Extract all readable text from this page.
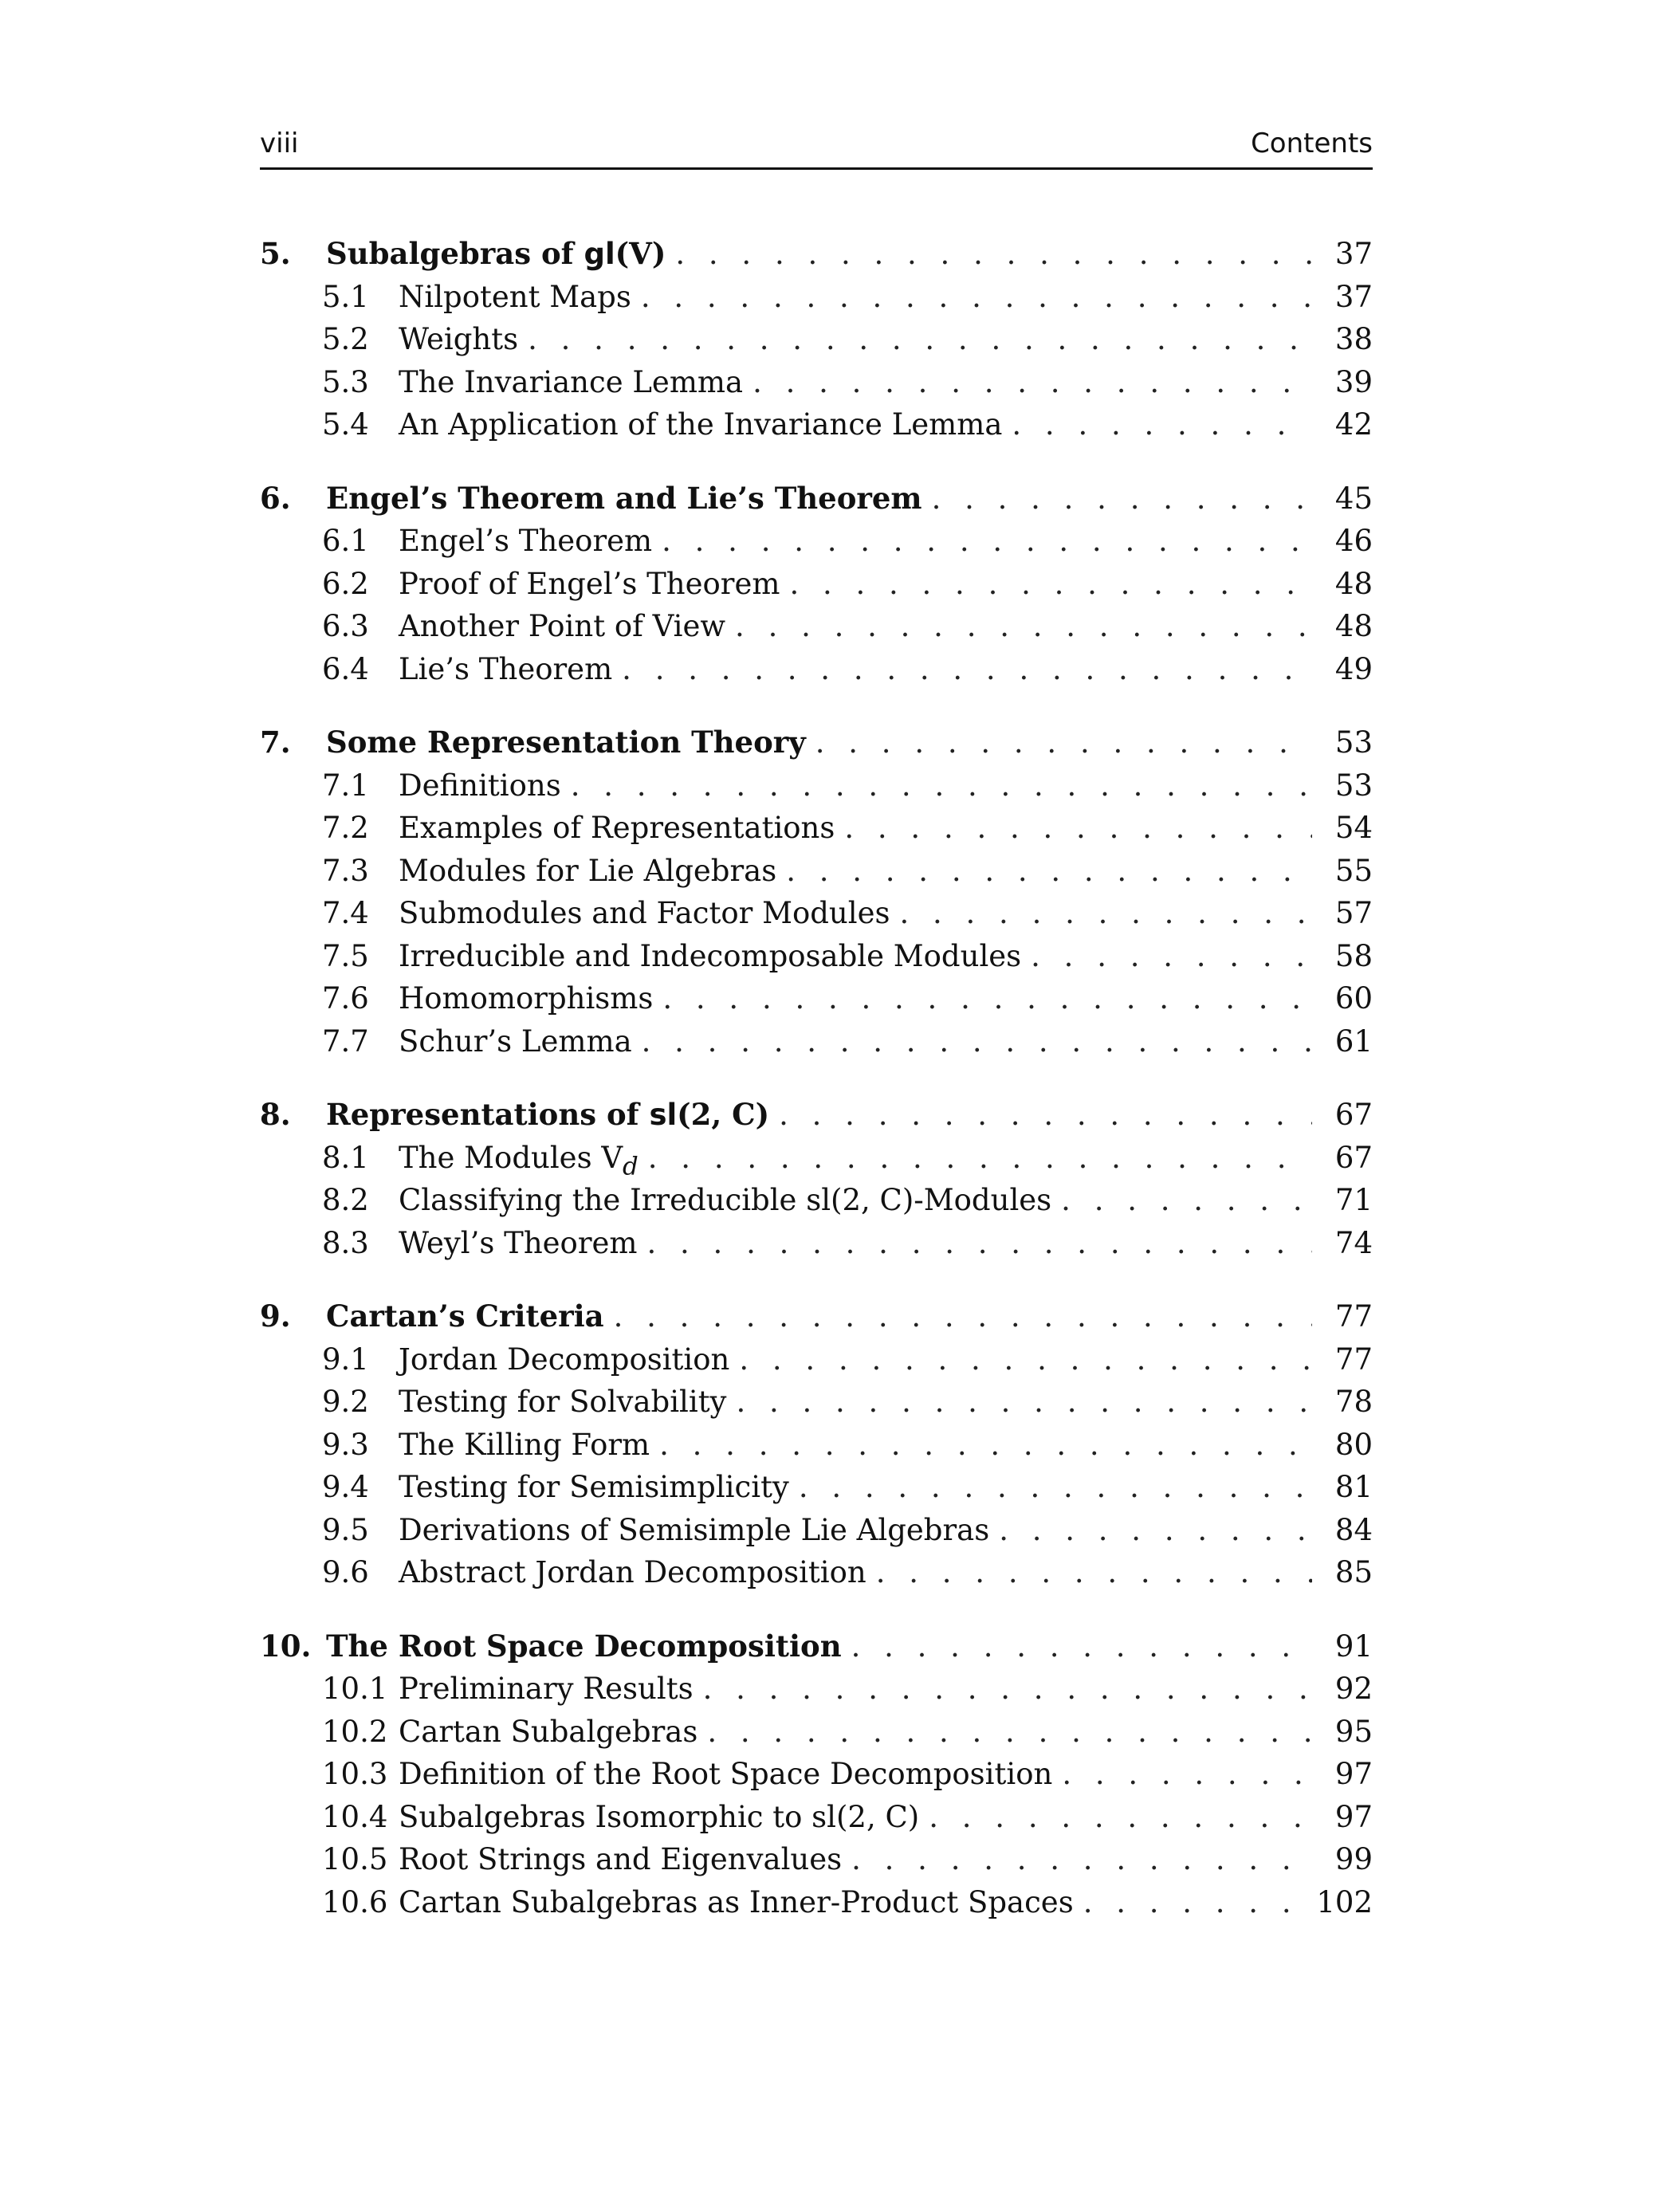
viii	Contents
5. Subalgebras of gl(V) . . .	37
5.1 Nilpotent Maps . . .	37
5.2 Weights . . .	38
5.3 The Invariance Lemma . . .	39
5.4 An Application of the Invariance Lemma . . .	42
6. Engel’s Theorem and Lie’s Theorem . . .	45
6.1 Engel’s Theorem . . .	46
6.2 Proof of Engel’s Theorem . . .	48
6.3 Another Point of View . . .	48
6.4 Lie’s Theorem . . .	49
7. Some Representation Theory . . .	53
7.1 Definitions . . .	53
7.2 Examples of Representations . . .	54
7.3 Modules for Lie Algebras . . .	55
7.4 Submodules and Factor Modules . . .	57
7.5 Irreducible and Indecomposable Modules . . .	58
7.6 Homomorphisms . . .	60
7.7 Schur’s Lemma . . .	61
8. Representations of sl(2, C) . . .	67
8.1 The Modules $V_d$ . . .	67
8.2 Classifying the Irreducible sl(2, C)-Modules . . .	71
8.3 Weyl’s Theorem . . .	74
9. Cartan’s Criteria . . .	77
9.1 Jordan Decomposition . . .	77
9.2 Testing for Solvability . . .	78
9.3 The Killing Form . . .	80
9.4 Testing for Semisimplicity . . .	81
9.5 Derivations of Semisimple Lie Algebras . . .	84
9.6 Abstract Jordan Decomposition . . .	85
10. The Root Space Decomposition . . .	91
10.1 Preliminary Results . . .	92
10.2 Cartan Subalgebras . . .	95
10.3 Definition of the Root Space Decomposition . . .	97
10.4 Subalgebras Isomorphic to sl(2, C) . . .	97
10.5 Root Strings and Eigenvalues . . .	99
10.6 Cartan Subalgebras as Inner-Product Spaces . . .	102
